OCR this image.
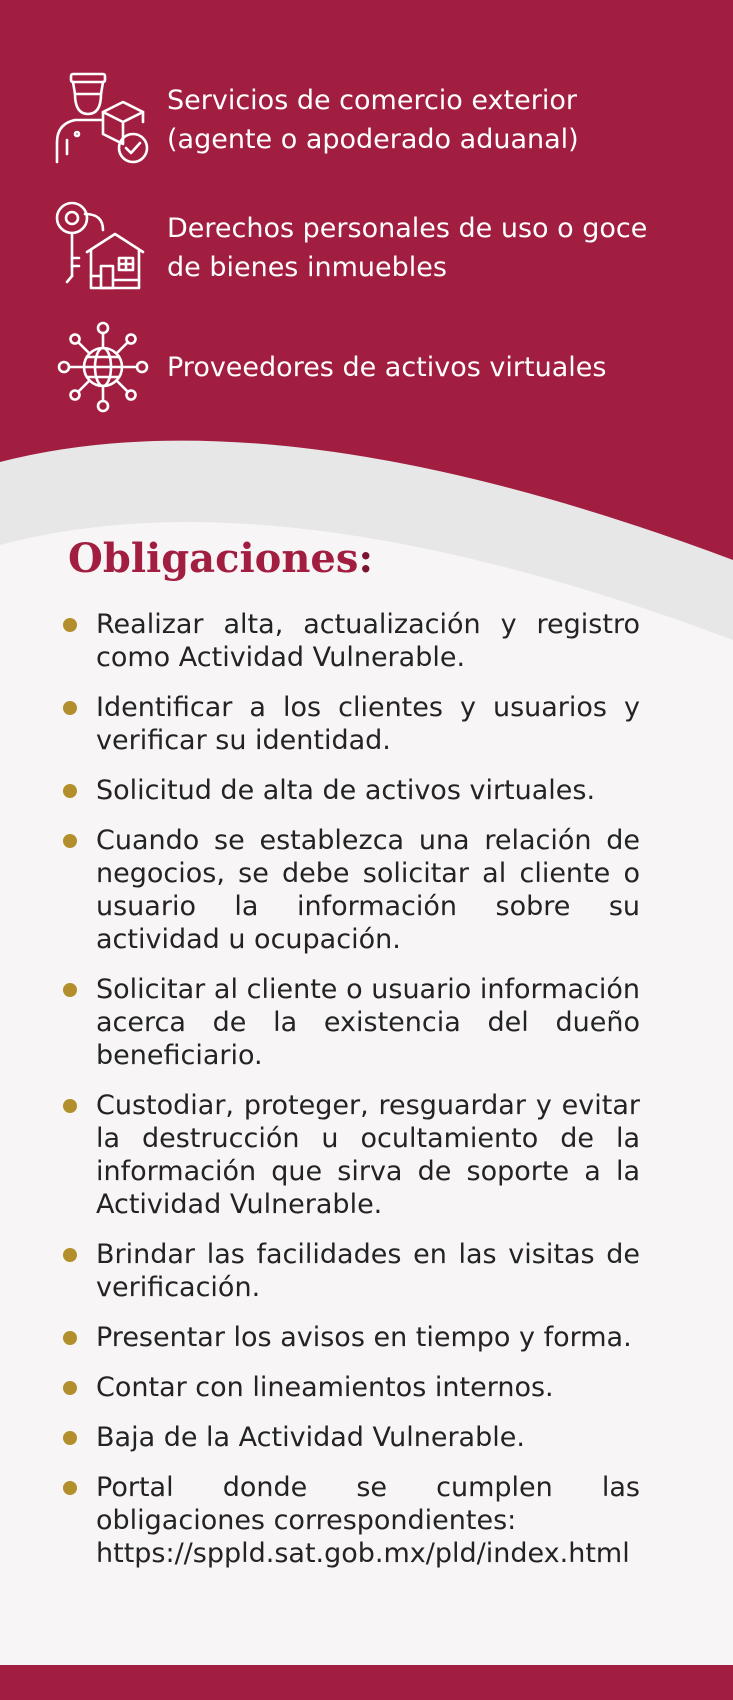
Servicios de comercio exterior
(agente o apoderado aduanal)
Derechos personales de uso o goce
de bienes inmuebles
Proveedores de activos virtuales
Obligaciones:
Realizar alta, actualización y registro como Actividad Vulnerable.
Identificar a los clientes y usuarios y verificar su identidad.
Solicitud de alta de activos virtuales.
Cuando se establezca una relación de negocios, se debe solicitar al cliente o usuario la información sobre su actividad u ocupación.
Solicitar al cliente o usuario información acerca de la existencia del dueño beneficiario.
Custodiar, proteger, resguardar y evitar la destrucción u ocultamiento de la información que sirva de soporte a la Actividad Vulnerable.
Brindar las facilidades en las visitas de verificación.
Presentar los avisos en tiempo y forma.
Contar con lineamientos internos.
Baja de la Actividad Vulnerable.
Portal donde se cumplen las obligaciones correspondientes:
https://sppld.sat.gob.mx/pld/index.html
